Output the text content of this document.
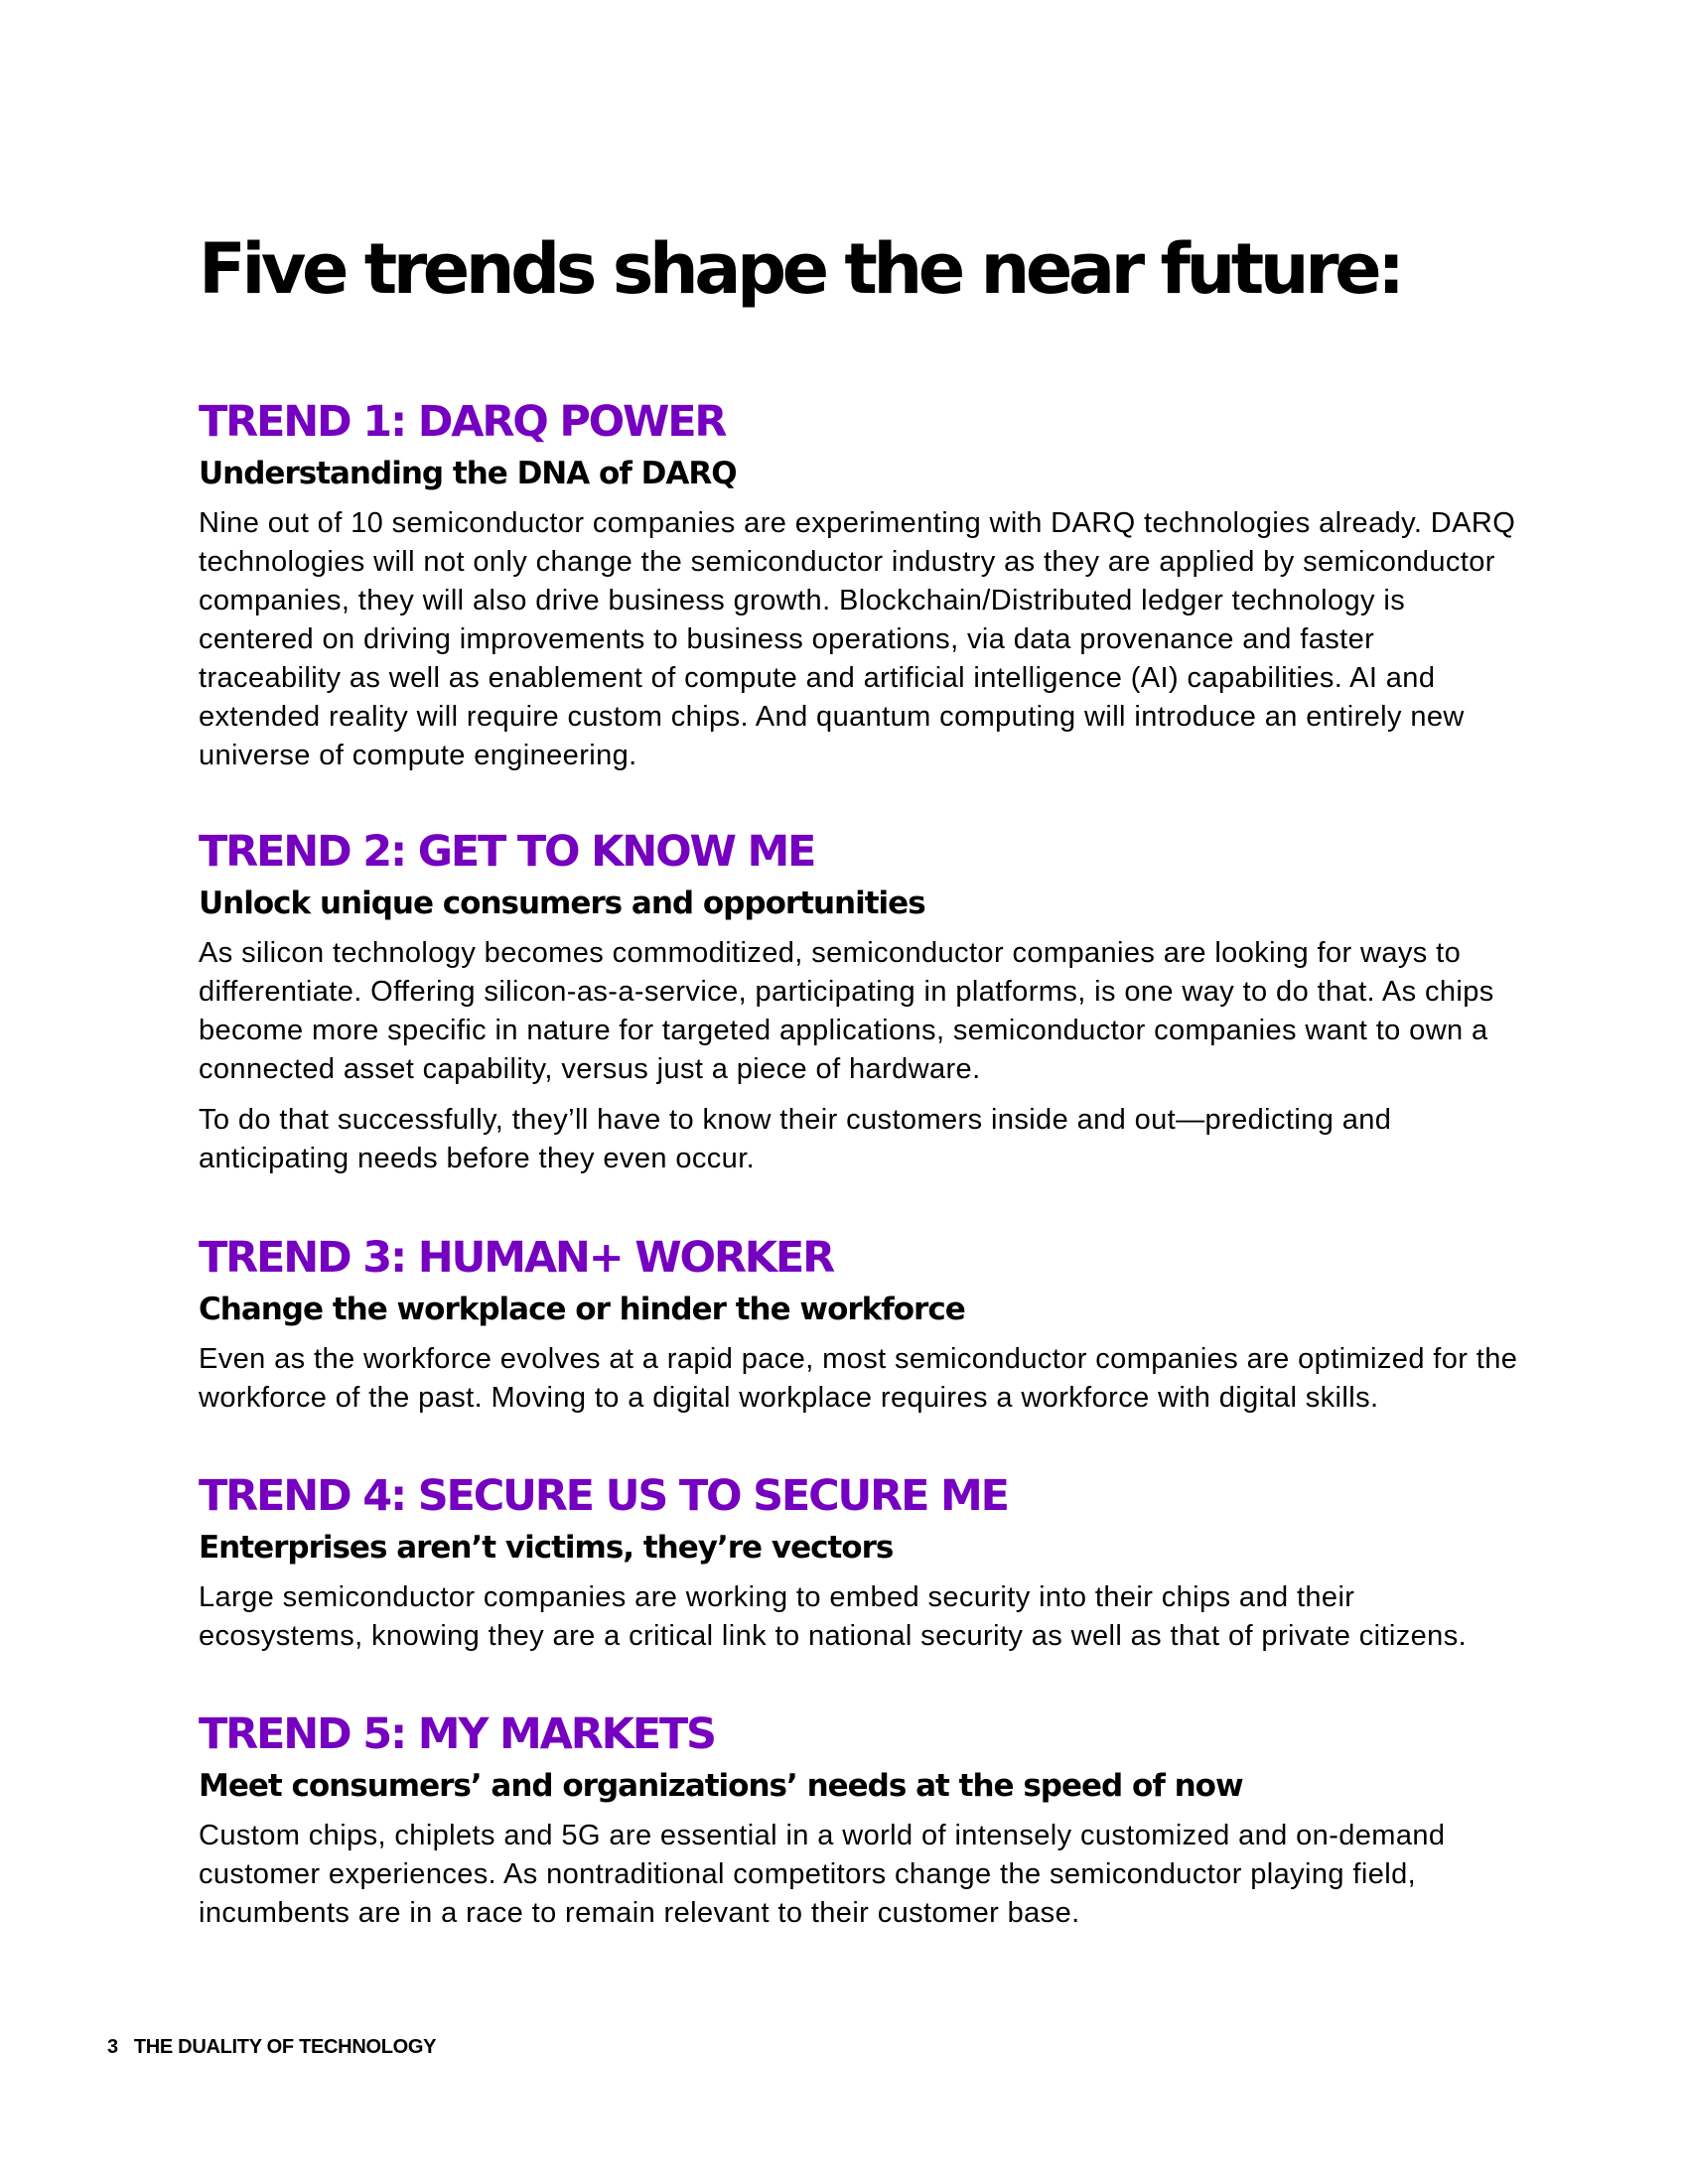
Five trends shape the near future:
TREND 1: DARQ POWER
Understanding the DNA of DARQ

Nine out of 10 semiconductor companies are experimenting with DARQ technologies already. DARQ technologies will not only change the semiconductor industry as they are applied by semiconductor companies, they will also drive business growth. Blockchain/Distributed ledger technology is centered on driving improvements to business operations, via data provenance and faster traceability as well as enablement of compute and artificial intelligence (AI) capabilities. AI and extended reality will require custom chips. And quantum computing will introduce an entirely new universe of compute engineering.

TREND 2: GET TO KNOW ME
Unlock unique consumers and opportunities

As silicon technology becomes commoditized, semiconductor companies are looking for ways to differentiate. Offering silicon-as-a-service, participating in platforms, is one way to do that. As chips become more specific in nature for targeted applications, semiconductor companies want to own a connected asset capability, versus just a piece of hardware.

To do that successfully, they’ll have to know their customers inside and out—predicting and anticipating needs before they even occur.

TREND 3: HUMAN+ WORKER
Change the workplace or hinder the workforce

Even as the workforce evolves at a rapid pace, most semiconductor companies are optimized for the workforce of the past. Moving to a digital workplace requires a workforce with digital skills.

TREND 4: SECURE US TO SECURE ME
Enterprises aren’t victims, they’re vectors

Large semiconductor companies are working to embed security into their chips and their ecosystems, knowing they are a critical link to national security as well as that of private citizens.

TREND 5: MY MARKETS
Meet consumers’ and organizations’ needs at the speed of now

Custom chips, chiplets and 5G are essential in a world of intensely customized and on-demand customer experiences. As nontraditional competitors change the semiconductor playing field, incumbents are in a race to remain relevant to their customer base.

3 THE DUALITY OF TECHNOLOGY
